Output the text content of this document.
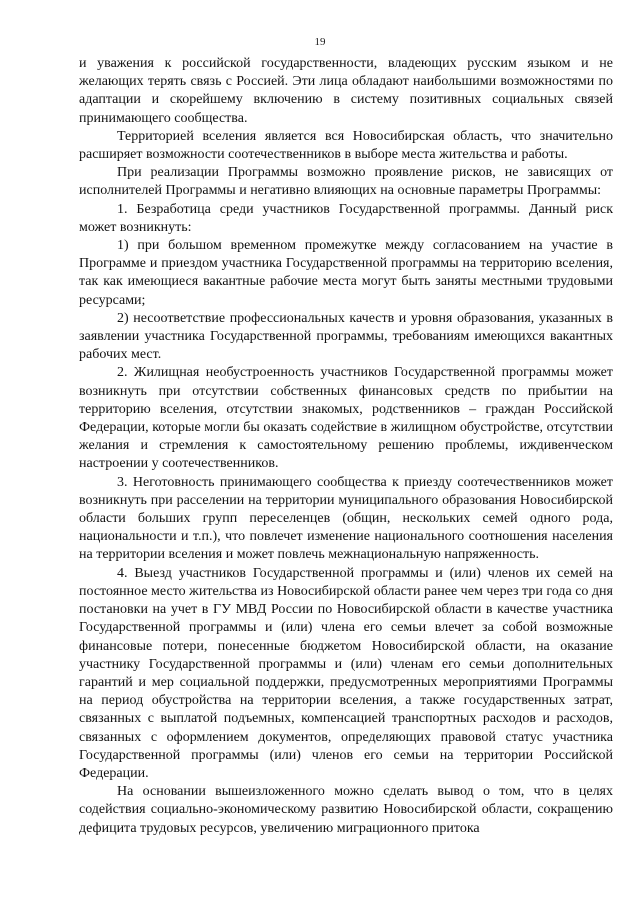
19

и уважения к российской государственности, владеющих русским языком и не желающих терять связь с Россией. Эти лица обладают наибольшими возможностями по адаптации и скорейшему включению в систему позитивных социальных связей принимающего сообщества.

Территорией вселения является вся Новосибирская область, что значительно расширяет возможности соотечественников в выборе места жительства и работы.

При реализации Программы возможно проявление рисков, не зависящих от исполнителей Программы и негативно влияющих на основные параметры Программы:

1. Безработица среди участников Государственной программы. Данный риск может возникнуть:

1) при большом временном промежутке между согласованием на участие в Программе и приездом участника Государственной программы на территорию вселения, так как имеющиеся вакантные рабочие места могут быть заняты местными трудовыми ресурсами;

2) несоответствие профессиональных качеств и уровня образования, указанных в заявлении участника Государственной программы, требованиям имеющихся вакантных рабочих мест.

2. Жилищная необустроенность участников Государственной программы может возникнуть при отсутствии собственных финансовых средств по прибытии на территорию вселения, отсутствии знакомых, родственников – граждан Российской Федерации, которые могли бы оказать содействие в жилищном обустройстве, отсутствии желания и стремления к самостоятельному решению проблемы, иждивенческом настроении у соотечественников.

3. Неготовность принимающего сообщества к приезду соотечественников может возникнуть при расселении на территории муниципального образования Новосибирской области больших групп переселенцев (общин, нескольких семей одного рода, национальности и т.п.), что повлечет изменение национального соотношения населения на территории вселения и может повлечь межнациональную напряженность.

4. Выезд участников Государственной программы и (или) членов их семей на постоянное место жительства из Новосибирской области ранее чем через три года со дня постановки на учет в ГУ МВД России по Новосибирской области в качестве участника Государственной программы и (или) члена его семьи влечет за собой возможные финансовые потери, понесенные бюджетом Новосибирской области, на оказание участнику Государственной программы и (или) членам его семьи дополнительных гарантий и мер социальной поддержки, предусмотренных мероприятиями Программы на период обустройства на территории вселения, а также государственных затрат, связанных с выплатой подъемных, компенсацией транспортных расходов и расходов, связанных с оформлением документов, определяющих правовой статус участника Государственной программы (или) членов его семьи на территории Российской Федерации.

На основании вышеизложенного можно сделать вывод о том, что в целях содействия социально-экономическому развитию Новосибирской области, сокращению дефицита трудовых ресурсов, увеличению миграционного притока
